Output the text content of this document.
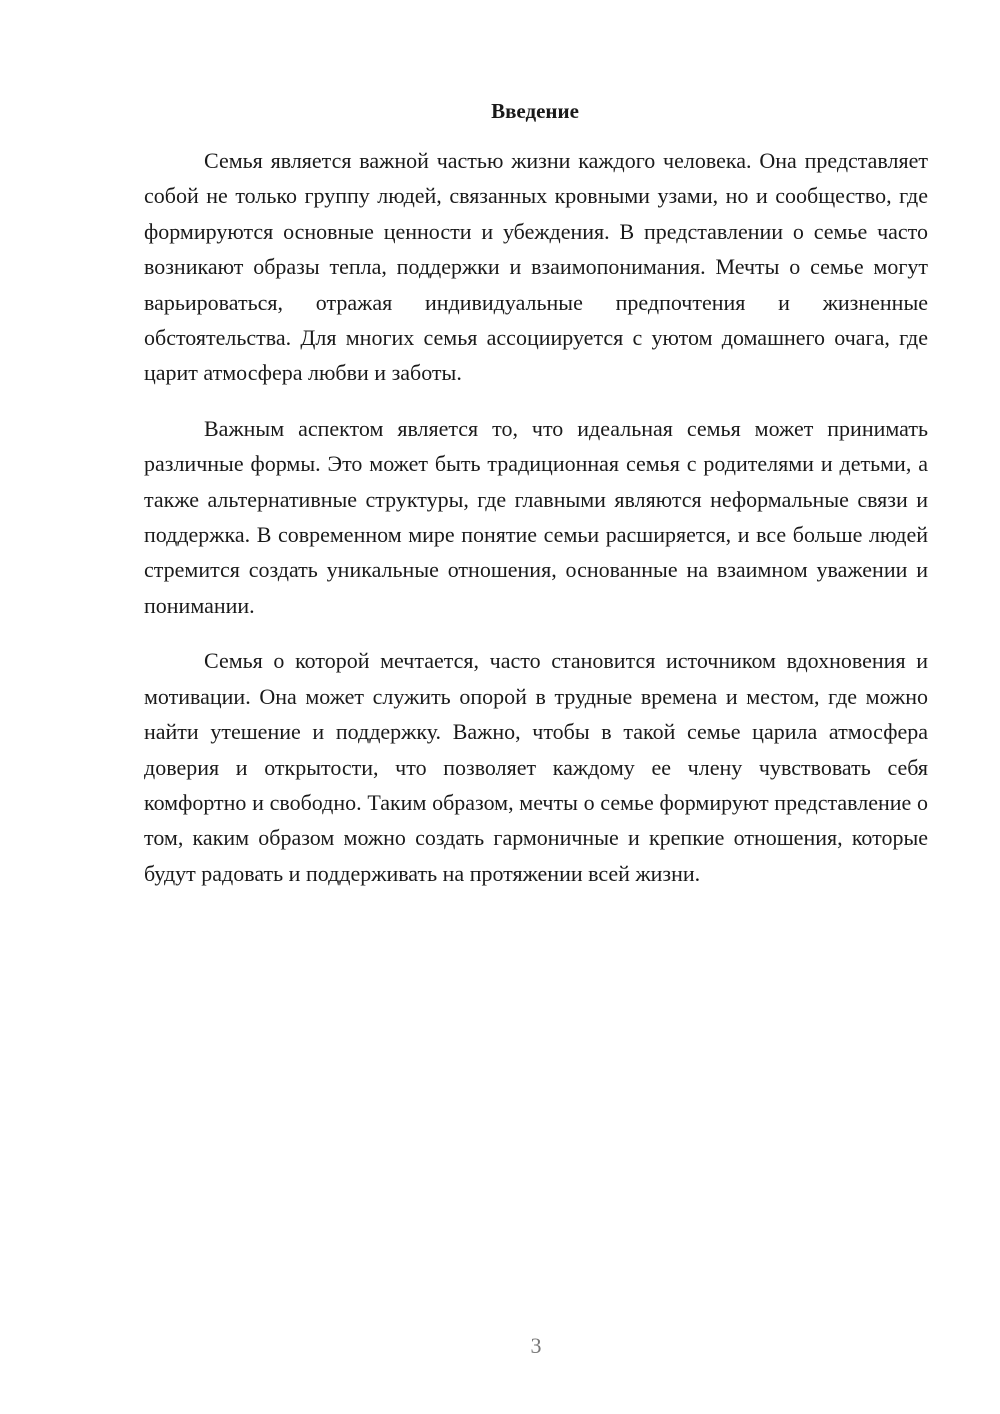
Введение

Семья является важной частью жизни каждого человека. Она представляет собой не только группу людей, связанных кровными узами, но и сообщество, где формируются основные ценности и убеждения. В представлении о семье часто возникают образы тепла, поддержки и взаимопонимания. Мечты о семье могут варьироваться, отражая индивидуальные предпочтения и жизненные обстоятельства. Для многих семья ассоциируется с уютом домашнего очага, где царит атмосфера любви и заботы.

Важным аспектом является то, что идеальная семья может принимать различные формы. Это может быть традиционная семья с родителями и детьми, а также альтернативные структуры, где главными являются неформальные связи и поддержка. В современном мире понятие семьи расширяется, и все больше людей стремится создать уникальные отношения, основанные на взаимном уважении и понимании.

Семья о которой мечтается, часто становится источником вдохновения и мотивации. Она может служить опорой в трудные времена и местом, где можно найти утешение и поддержку. Важно, чтобы в такой семье царила атмосфера доверия и открытости, что позволяет каждому ее члену чувствовать себя комфортно и свободно. Таким образом, мечты о семье формируют представление о том, каким образом можно создать гармоничные и крепкие отношения, которые будут радовать и поддерживать на протяжении всей жизни.

3
